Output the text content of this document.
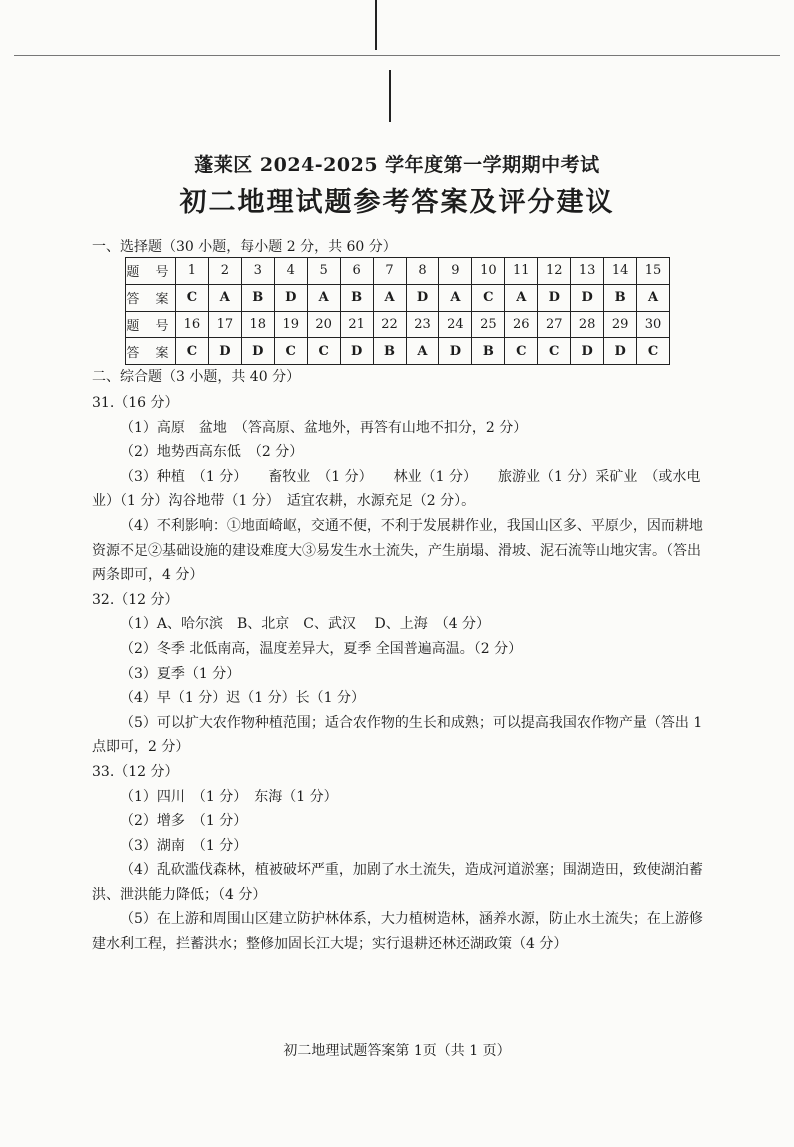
蓬莱区 2024-2025 学年度第一学期期中考试
初二地理试题参考答案及评分建议
一、选择题（30 小题，每小题 2 分，共 60 分）
题 号	1	2	3	4	5	6	7	8	9	10	11	12	13	14	15
答 案	C	A	B	D	A	B	A	D	A	C	A	D	D	B	A
题 号	16	17	18	19	20	21	22	23	24	25	26	27	28	29	30
答 案	C	D	D	C	C	D	B	A	D	B	C	C	D	D	C
二、综合题（3 小题，共 40 分）

31.（16 分）

（1）高原　盆地　（答高原、盆地外，再答有山地不扣分，2 分）

（2）地势西高东低　（2 分）

（3）种植　（1 分）　　畜牧业　（1 分）　　林业（1 分）　　旅游业（1 分）采矿业　（或水电业）（1 分）沟谷地带（1 分）　适宜农耕，水源充足（2 分）。

（4）不利影响：①地面崎岖，交通不便，不利于发展耕作业，我国山区多、平原少，因而耕地资源不足②基础设施的建设难度大③易发生水土流失，产生崩塌、滑坡、泥石流等山地灾害。（答出两条即可，4 分）

32.（12 分）

（1）A、哈尔滨　B、北京　C、武汉　 D、上海　（4 分）

（2）冬季 北低南高，温度差异大，夏季 全国普遍高温。（2 分）

（3）夏季（1 分）

（4）早（1 分）迟（1 分）长（1 分）

（5）可以扩大农作物种植范围；适合农作物的生长和成熟；可以提高我国农作物产量（答出 1 点即可，2 分）

33.（12 分）

（1）四川　（1 分）　东海（1 分）

（2）增多　（1 分）

（3）湖南　（1 分）

（4）乱砍滥伐森林，植被破坏严重，加剧了水土流失，造成河道淤塞；围湖造田，致使湖泊蓄洪、泄洪能力降低；（4 分）

（5）在上游和周围山区建立防护林体系，大力植树造林，涵养水源，防止水土流失；在上游修建水利工程，拦蓄洪水；整修加固长江大堤；实行退耕还林还湖政策（4 分）

初二地理试题答案第 1页（共 1 页）
